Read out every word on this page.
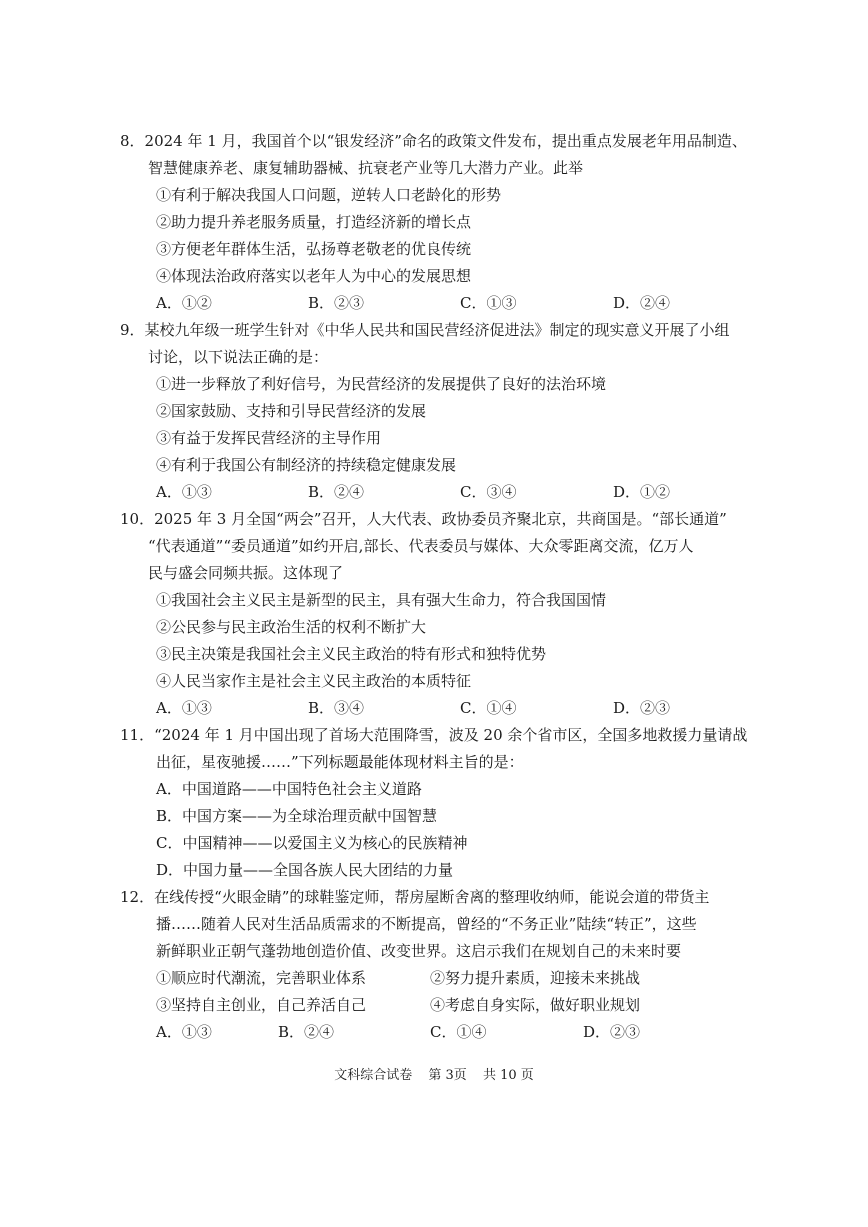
8．2024 年 1 月，我国首个以“银发经济”命名的政策文件发布，提出重点发展老年用品制造、
智慧健康养老、康复辅助器械、抗衰老产业等几大潜力产业。此举
①有利于解决我国人口问题，逆转人口老龄化的形势
②助力提升养老服务质量，打造经济新的增长点
③方便老年群体生活，弘扬尊老敬老的优良传统
④体现法治政府落实以老年人为中心的发展思想
A．①②	B．②③	C．①③	D．②④
9．某校九年级一班学生针对《中华人民共和国民营经济促进法》制定的现实意义开展了小组
讨论，以下说法正确的是：
①进一步释放了利好信号，为民营经济的发展提供了良好的法治环境
②国家鼓励、支持和引导民营经济的发展
③有益于发挥民营经济的主导作用
④有利于我国公有制经济的持续稳定健康发展
A．①③	B．②④	C．③④	D．①②
10．2025 年 3 月全国“两会”召开，人大代表、政协委员齐聚北京，共商国是。“部长通道”
“代表通道”“委员通道”如约开启,部长、代表委员与媒体、大众零距离交流，亿万人
民与盛会同频共振。这体现了
①我国社会主义民主是新型的民主，具有强大生命力，符合我国国情
②公民参与民主政治生活的权利不断扩大
③民主决策是我国社会主义民主政治的特有形式和独特优势
④人民当家作主是社会主义民主政治的本质特征
A．①③	B．③④	C．①④	D．②③
11．“2024 年 1 月中国出现了首场大范围降雪，波及 20 余个省市区，全国多地救援力量请战
出征，星夜驰援……”下列标题最能体现材料主旨的是：
A．中国道路——中国特色社会主义道路
B．中国方案——为全球治理贡献中国智慧
C．中国精神——以爱国主义为核心的民族精神
D．中国力量——全国各族人民大团结的力量
12．在线传授“火眼金睛”的球鞋鉴定师，帮房屋断舍离的整理收纳师，能说会道的带货主
播……随着人民对生活品质需求的不断提高，曾经的“不务正业”陆续“转正”，这些
新鲜职业正朝气蓬勃地创造价值、改变世界。这启示我们在规划自己的未来时要
①顺应时代潮流，完善职业体系	②努力提升素质，迎接未来挑战
③坚持自主创业，自己养活自己	④考虑自身实际，做好职业规划
A．①③	B．②④	C．①④	D．②③
文科综合试卷 第 3页 共 10 页
